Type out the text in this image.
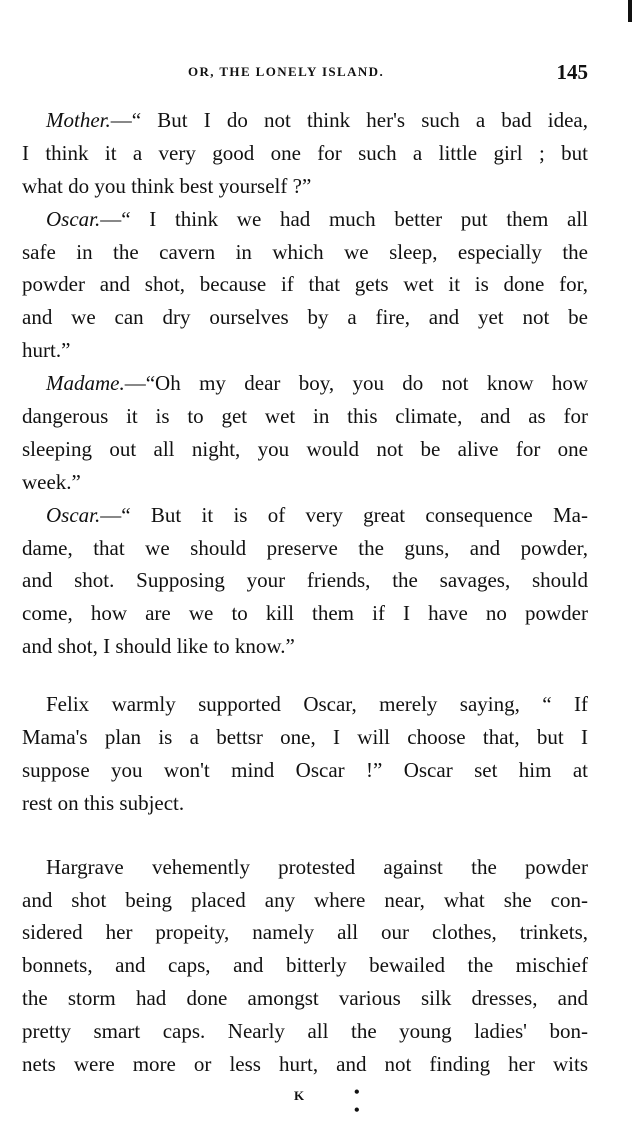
OR, THE LONELY ISLAND.	145
Mother.—“ But I do not think her's such a bad idea,
I think it a very good one for such a little girl ; but
what do you think best yourself ?”
Oscar.—“ I think we had much better put them all
safe in the cavern in which we sleep, especially the
powder and shot, because if that gets wet it is done for,
and we can dry ourselves by a fire, and yet not be
hurt.”
Madame.—“Oh my dear boy, you do not know how
dangerous it is to get wet in this climate, and as for
sleeping out all night, you would not be alive for one
week.”
Oscar.—“ But it is of very great consequence Ma-
dame, that we should preserve the guns, and powder,
and shot. Supposing your friends, the savages, should
come, how are we to kill them if I have no powder
and shot, I should like to know.”
Felix warmly supported Oscar, merely saying, “ If
Mama's plan is a bettsr one, I will choose that, but I
suppose you won't mind Oscar !” Oscar set him at
rest on this subject.
Hargrave vehemently protested against the powder
and shot being placed any where near, what she con-
sidered her propeity, namely all our clothes, trinkets,
bonnets, and caps, and bitterly bewailed the mischief
the storm had done amongst various silk dresses, and
pretty smart caps. Nearly all the young ladies' bon-
nets were more or less hurt, and not finding her wits
K	• •
